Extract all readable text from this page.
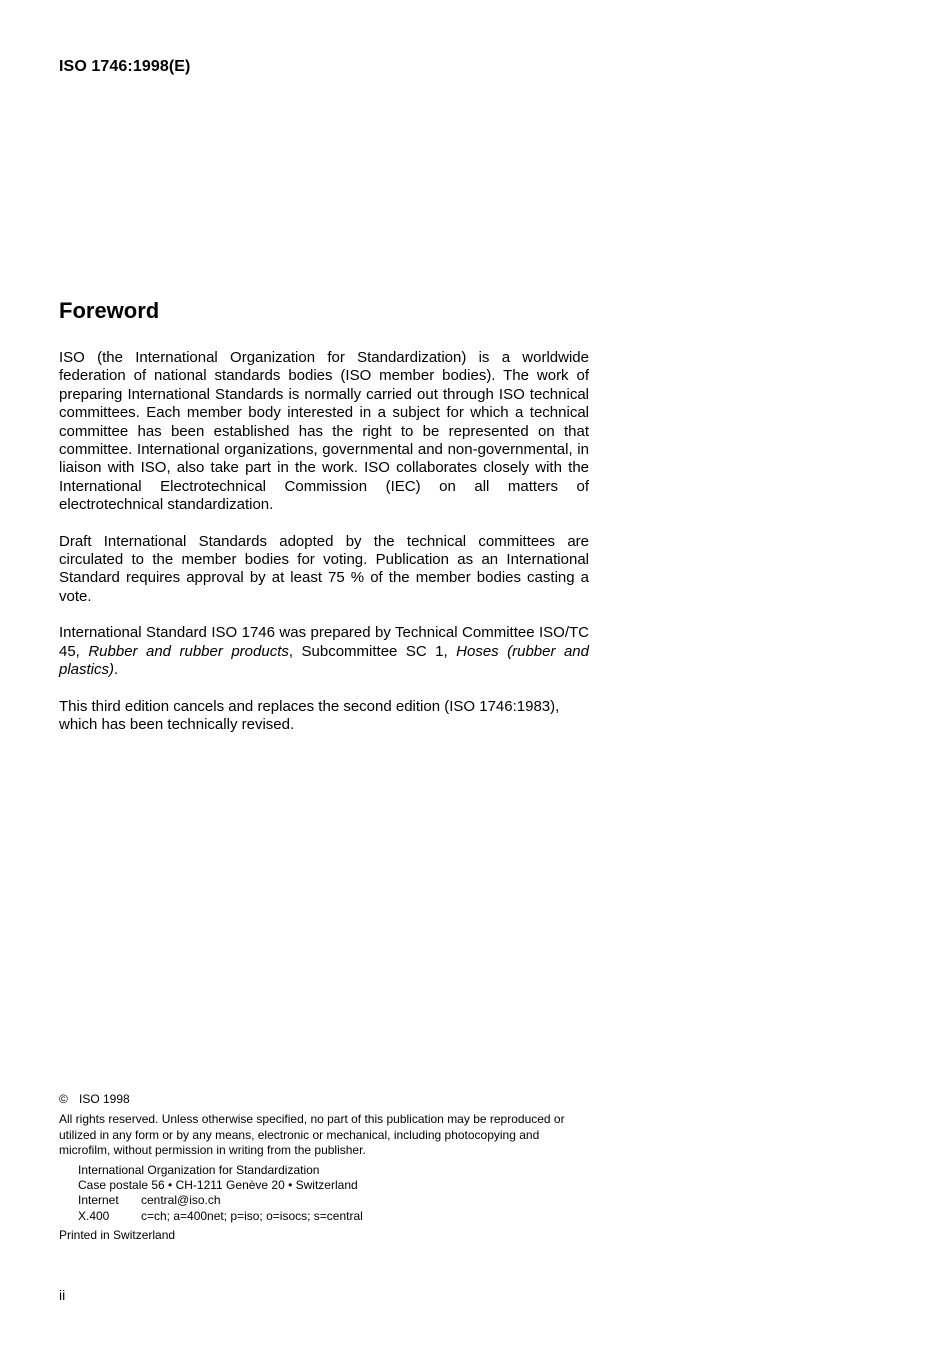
ISO 1746:1998(E)
Foreword

ISO (the International Organization for Standardization) is a worldwide federation of national standards bodies (ISO member bodies). The work of preparing International Standards is normally carried out through ISO technical committees. Each member body interested in a subject for which a technical committee has been established has the right to be represented on that committee. International organizations, governmental and non-governmental, in liaison with ISO, also take part in the work. ISO collaborates closely with the International Electrotechnical Commission (IEC) on all matters of electrotechnical standardization.

Draft International Standards adopted by the technical committees are circulated to the member bodies for voting. Publication as an International Standard requires approval by at least 75 % of the member bodies casting a vote.

International Standard ISO 1746 was prepared by Technical Committee ISO/TC 45, Rubber and rubber products, Subcommittee SC 1, Hoses (rubber and plastics).

This third edition cancels and replaces the second edition (ISO 1746:1983), which has been technically revised.

© ISO 1998
All rights reserved. Unless otherwise specified, no part of this publication may be reproduced or utilized in any form or by any means, electronic or mechanical, including photocopying and microfilm, without permission in writing from the publisher.
International Organization for Standardization
Case postale 56 • CH-1211 Genève 20 • Switzerland
Internet	central@iso.ch
X.400	c=ch; a=400net; p=iso; o=isocs; s=central
Printed in Switzerland
ii
